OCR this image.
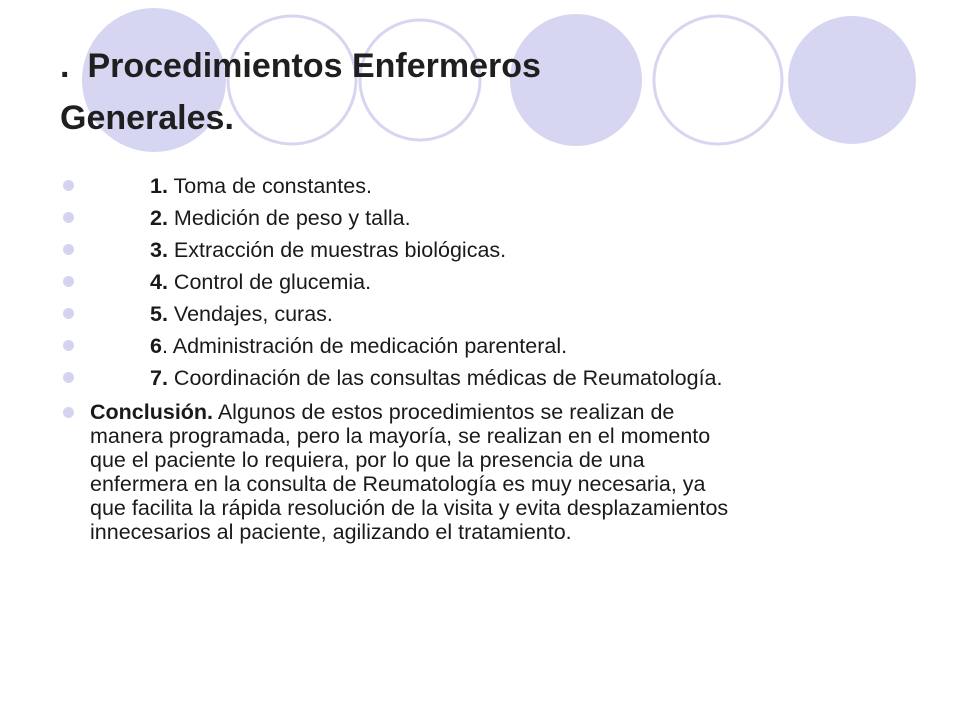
. Procedimientos Enfermeros
Generales.
1. Toma de constantes.
2. Medición de peso y talla.
3. Extracción de muestras biológicas.
4. Control de glucemia.
5. Vendajes, curas.
6. Administración de medicación parenteral.
7. Coordinación de las consultas médicas de Reumatología.
Conclusión. Algunos de estos procedimientos se realizan de
manera programada, pero la mayoría, se realizan en el momento
que el paciente lo requiera, por lo que la presencia de una
enfermera en la consulta de Reumatología es muy necesaria, ya
que facilita la rápida resolución de la visita y evita desplazamientos
innecesarios al paciente, agilizando el tratamiento.
